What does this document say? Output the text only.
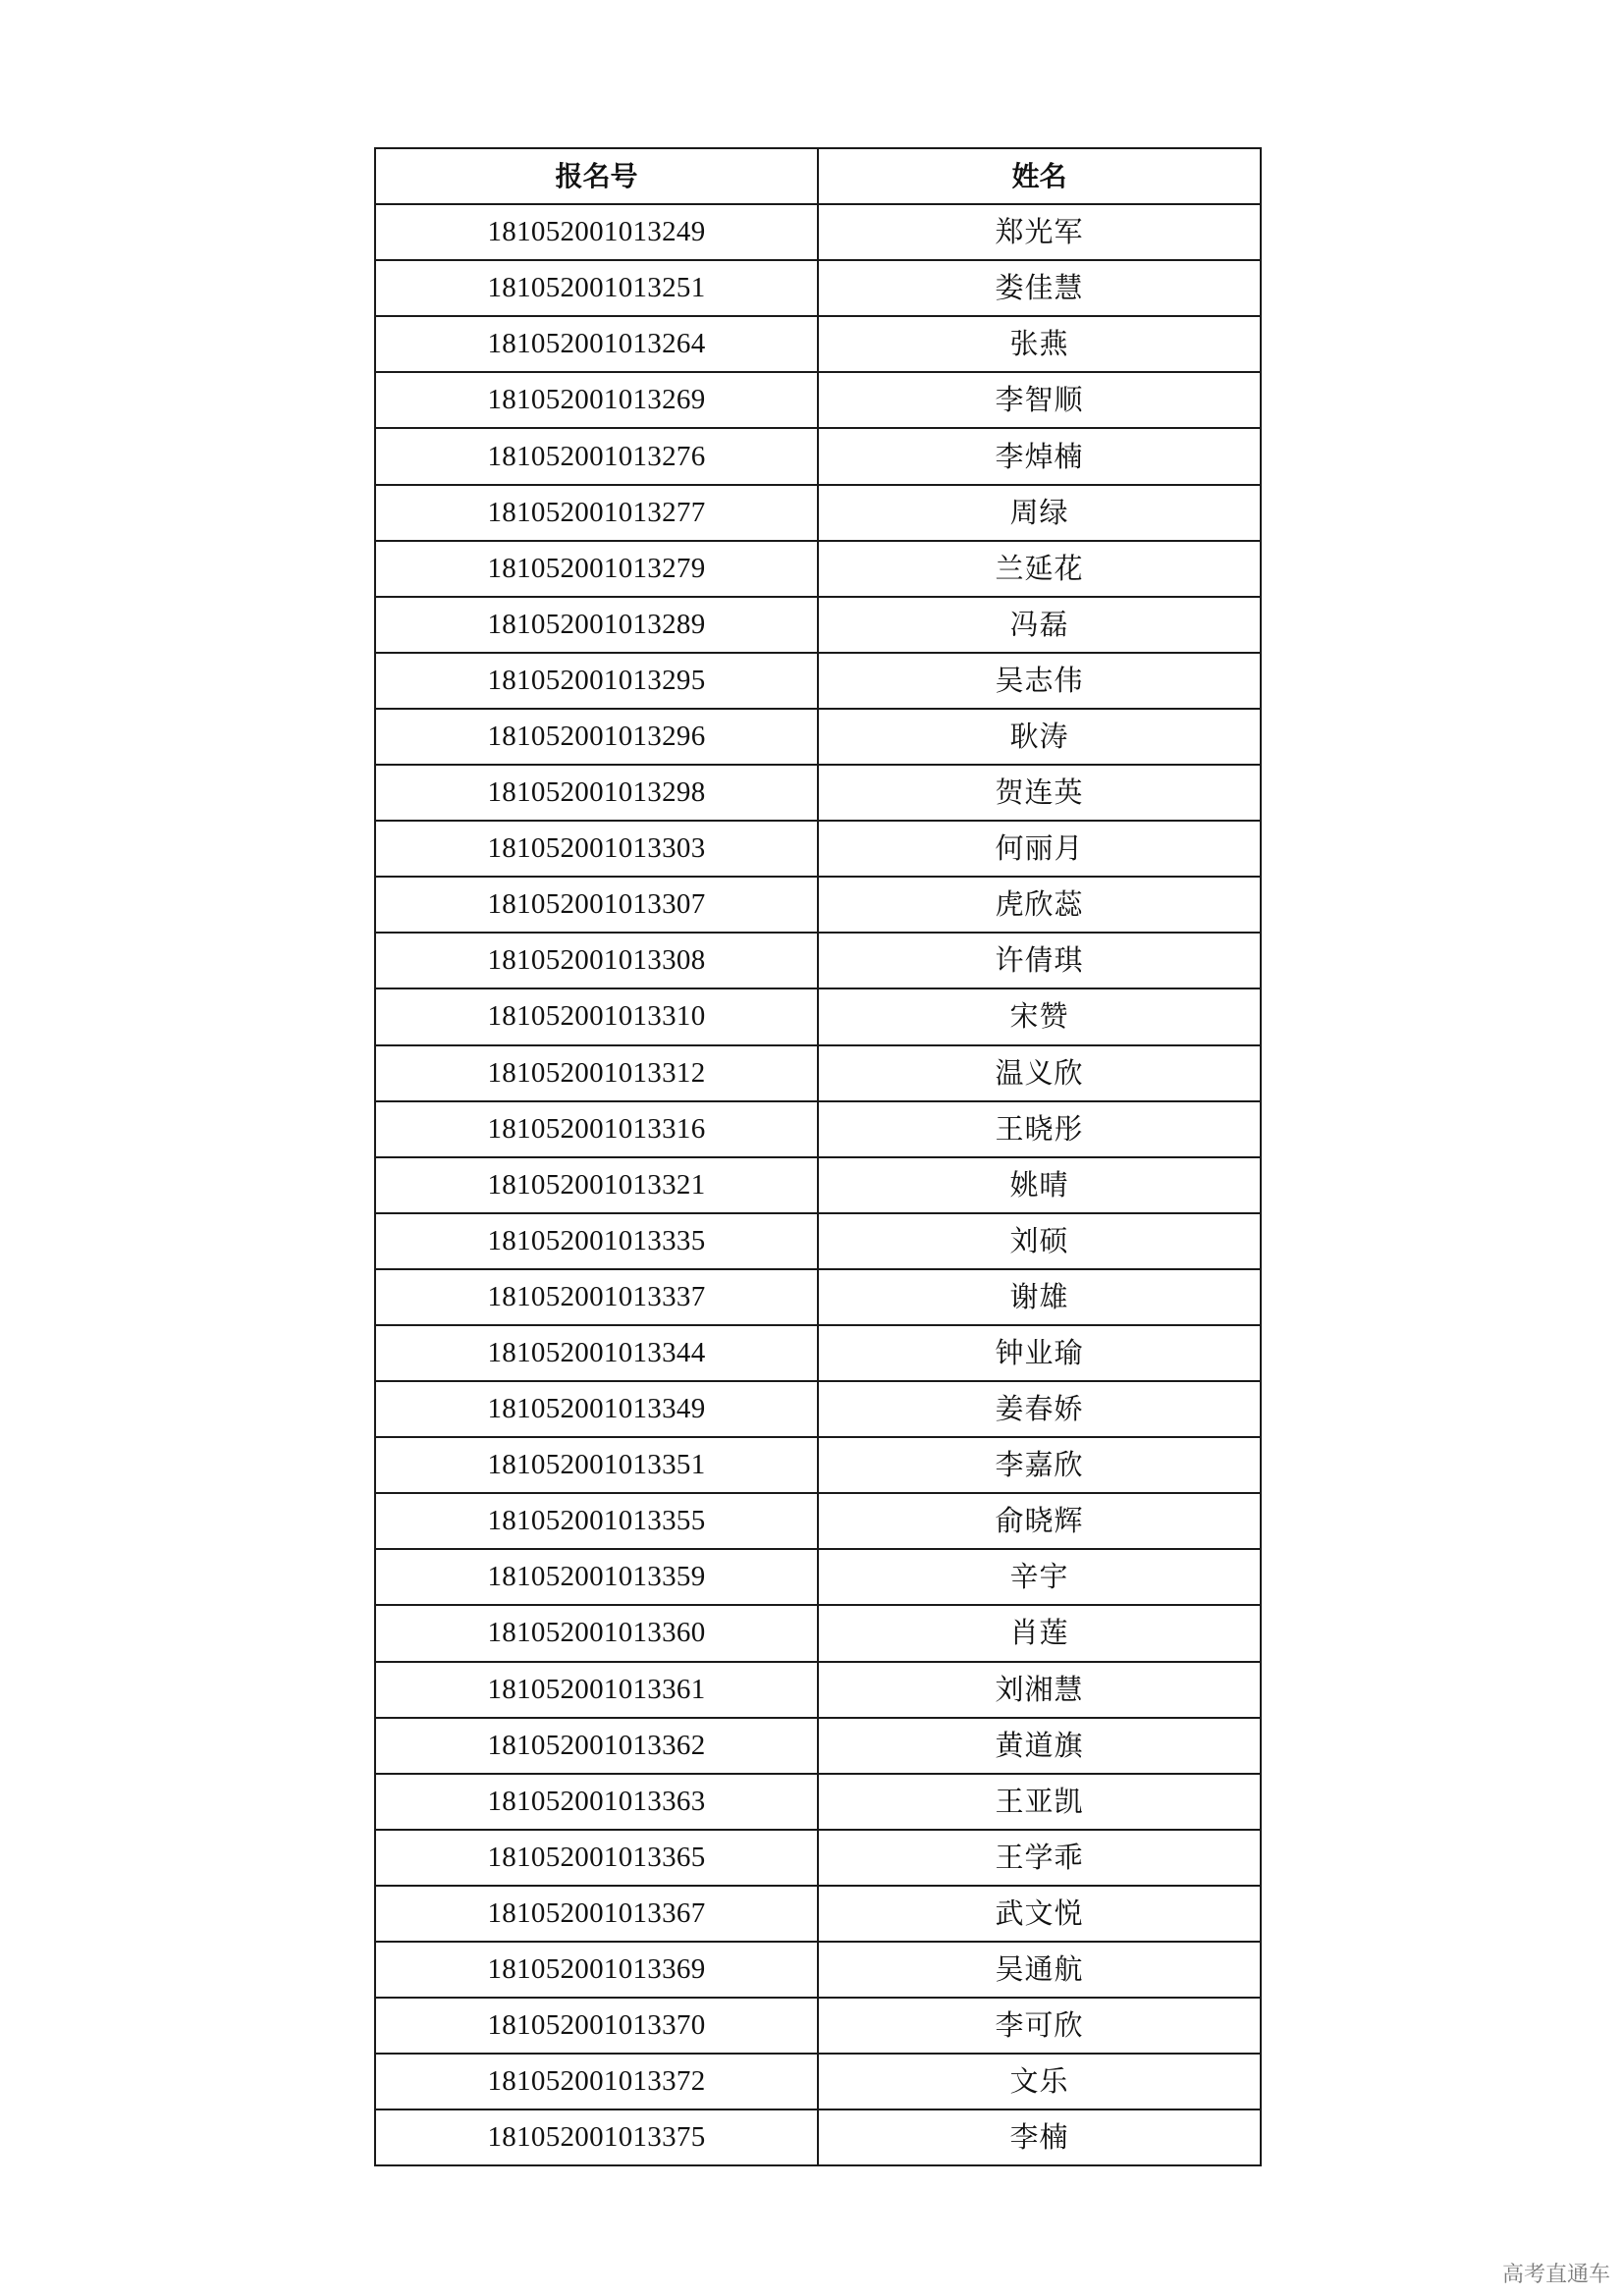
报名号	姓名
181052001013249	郑光军
181052001013251	娄佳慧
181052001013264	张燕
181052001013269	李智顺
181052001013276	李焯楠
181052001013277	周绿
181052001013279	兰延花
181052001013289	冯磊
181052001013295	吴志伟
181052001013296	耿涛
181052001013298	贺连英
181052001013303	何丽月
181052001013307	虎欣蕊
181052001013308	许倩琪
181052001013310	宋赞
181052001013312	温义欣
181052001013316	王晓彤
181052001013321	姚晴
181052001013335	刘硕
181052001013337	谢雄
181052001013344	钟业瑜
181052001013349	姜春娇
181052001013351	李嘉欣
181052001013355	俞晓辉
181052001013359	辛宇
181052001013360	肖莲
181052001013361	刘湘慧
181052001013362	黄道旗
181052001013363	王亚凯
181052001013365	王学乖
181052001013367	武文悦
181052001013369	吴通航
181052001013370	李可欣
181052001013372	文乐
181052001013375	李楠
高考直通车
